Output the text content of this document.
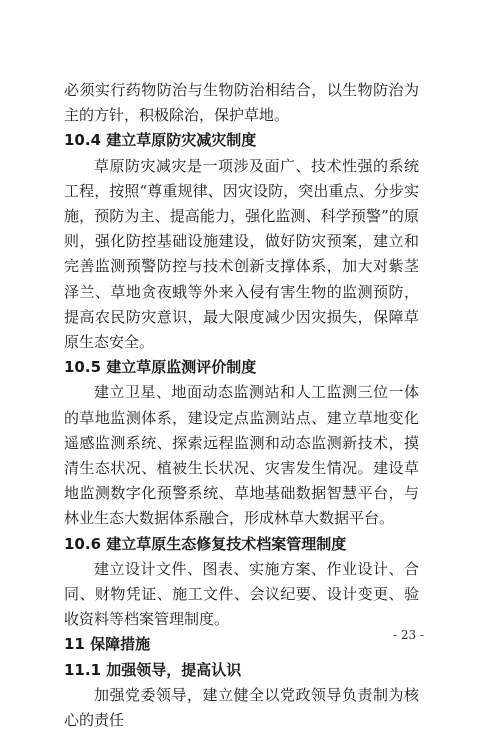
必须实行药物防治与生物防治相结合，以生物防治为主的方针，积极除治，保护草地。

10.4 建立草原防灾减灾制度

草原防灾减灾是一项涉及面广、技术性强的系统工程，按照“尊重规律、因灾设防，突出重点、分步实施，预防为主、提高能力，强化监测、科学预警”的原则，强化防控基础设施建设，做好防灾预案，建立和完善监测预警防控与技术创新支撑体系，加大对紫茎泽兰、草地贪夜蛾等外来入侵有害生物的监测预防，提高农民防灾意识，最大限度减少因灾损失，保障草原生态安全。

10.5 建立草原监测评价制度

建立卫星、地面动态监测站和人工监测三位一体的草地监测体系，建设定点监测站点、建立草地变化遥感监测系统、探索远程监测和动态监测新技术，摸清生态状况、植被生长状况、灾害发生情况。建设草地监测数字化预警系统、草地基础数据智慧平台，与林业生态大数据体系融合，形成林草大数据平台。

10.6 建立草原生态修复技术档案管理制度

建立设计文件、图表、实施方案、作业设计、合同、财物凭证、施工文件、会议纪要、设计变更、验收资料等档案管理制度。

11 保障措施

11.1 加强领导，提高认识

加强党委领导，建立健全以党政领导负责制为核心的责任

- 23 -
